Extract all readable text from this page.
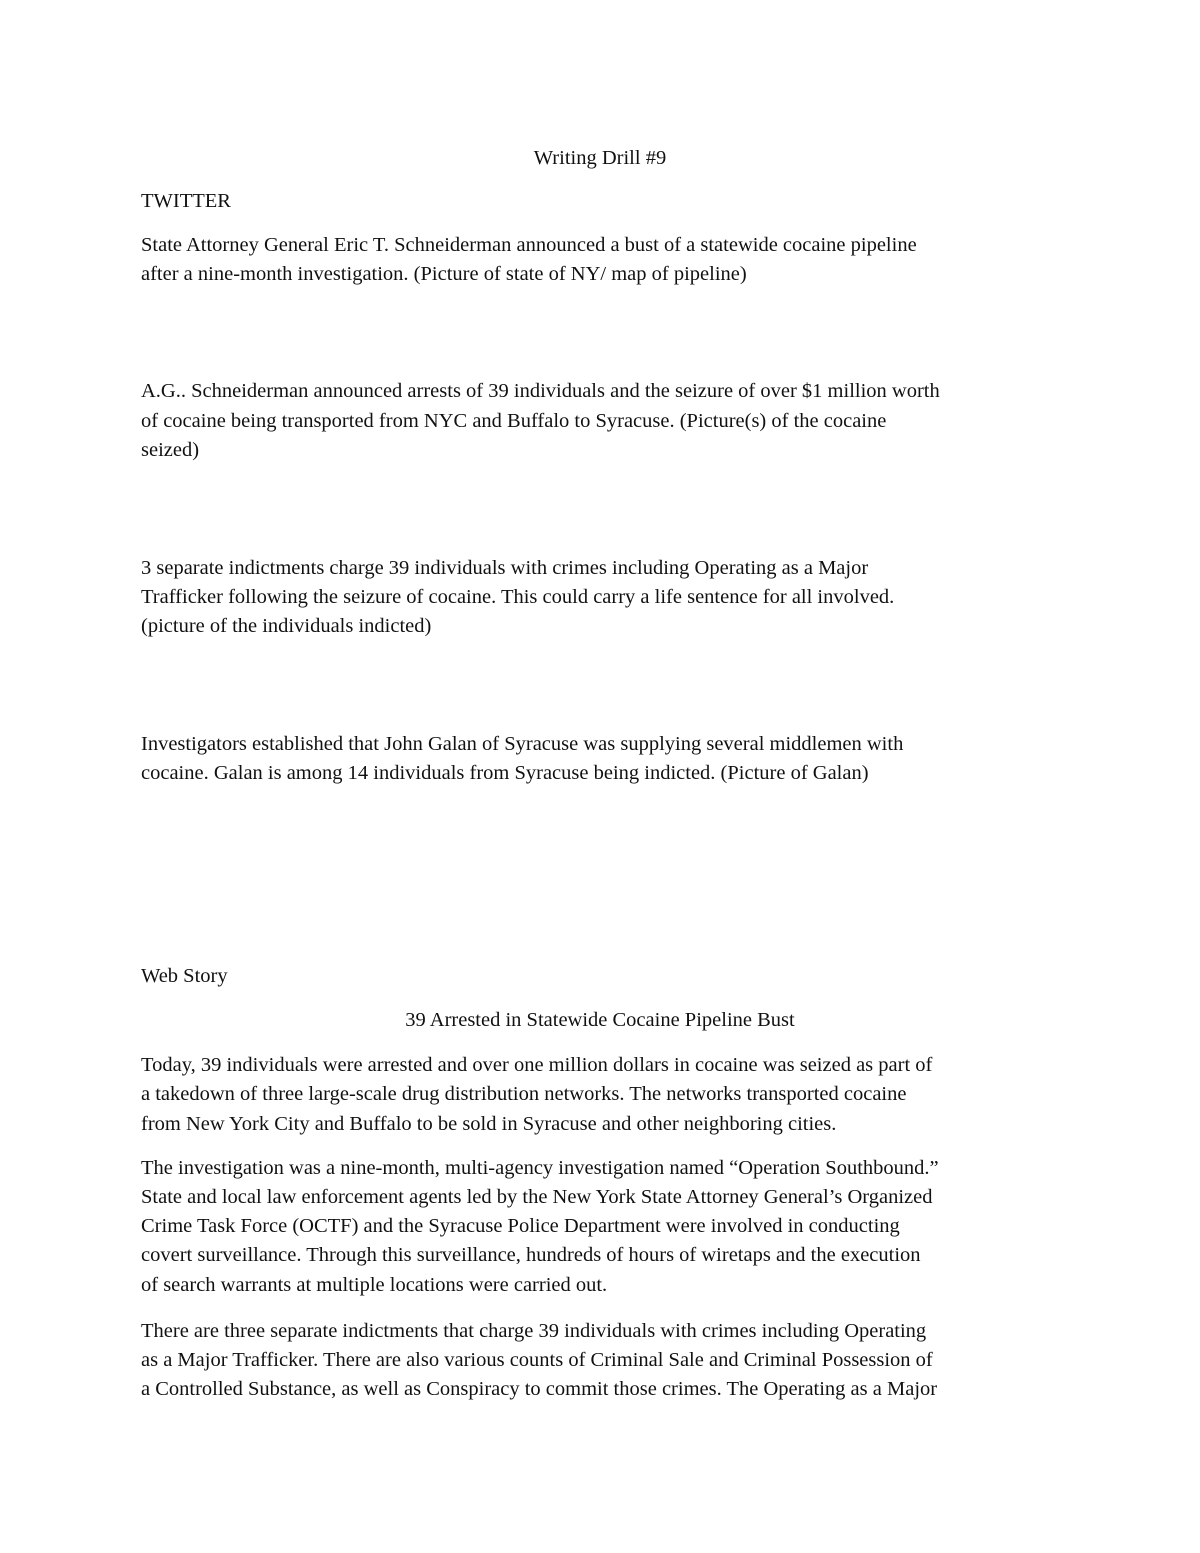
Writing Drill #9
TWITTER
State Attorney General Eric T. Schneiderman announced a bust of a statewide cocaine pipeline
after a nine-month investigation. (Picture of state of NY/ map of pipeline)
A.G.. Schneiderman announced arrests of 39 individuals and the seizure of over $1 million worth
of cocaine being transported from NYC and Buffalo to Syracuse. (Picture(s) of the cocaine
seized)
3 separate indictments charge 39 individuals with crimes including Operating as a Major
Trafficker following the seizure of cocaine. This could carry a life sentence for all involved.
(picture of the individuals indicted)
Investigators established that John Galan of Syracuse was supplying several middlemen with
cocaine. Galan is among 14 individuals from Syracuse being indicted. (Picture of Galan)
Web Story
39 Arrested in Statewide Cocaine Pipeline Bust
Today, 39 individuals were arrested and over one million dollars in cocaine was seized as part of
a takedown of three large-scale drug distribution networks. The networks transported cocaine
from New York City and Buffalo to be sold in Syracuse and other neighboring cities.
The investigation was a nine-month, multi-agency investigation named “Operation Southbound.”
State and local law enforcement agents led by the New York State Attorney General’s Organized
Crime Task Force (OCTF) and the Syracuse Police Department were involved in conducting
covert surveillance. Through this surveillance, hundreds of hours of wiretaps and the execution
of search warrants at multiple locations were carried out.
There are three separate indictments that charge 39 individuals with crimes including Operating
as a Major Trafficker. There are also various counts of Criminal Sale and Criminal Possession of
a Controlled Substance, as well as Conspiracy to commit those crimes. The Operating as a Major
